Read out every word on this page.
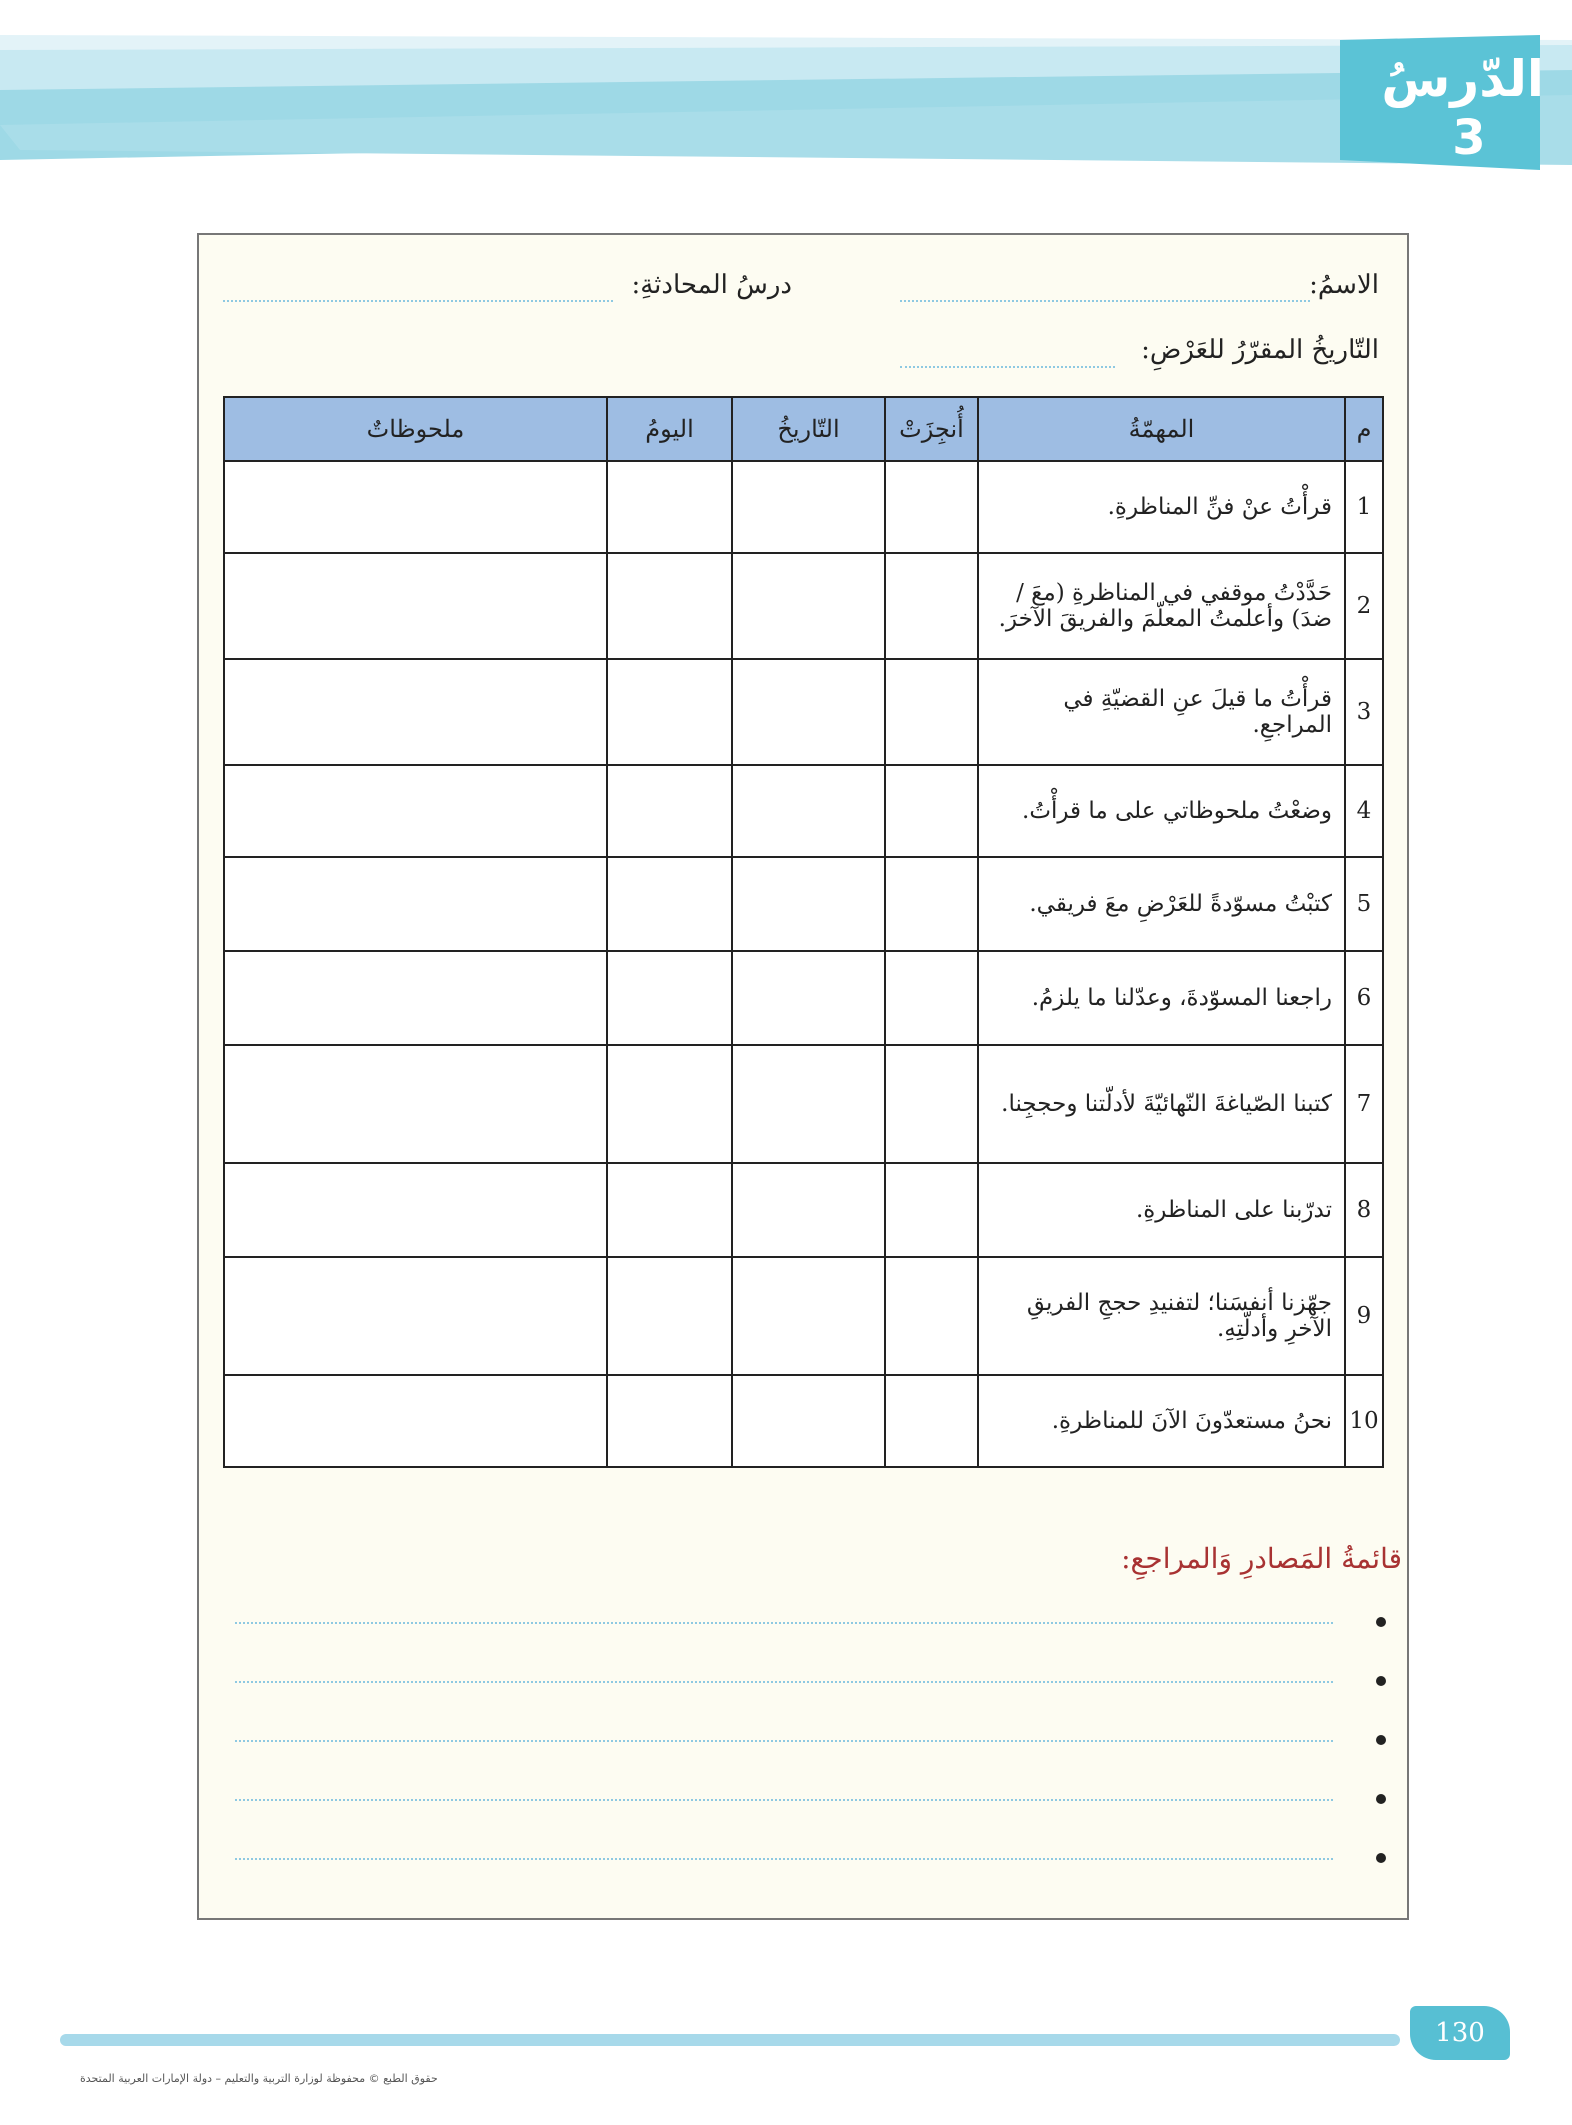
الدّرسُ
3
الاسمُ:
درسُ المحادثةِ:
التّاريخُ المقرّرُ للعَرْضِ:
م	المهمّةُ	أُنجِزَتْ	التّاريخُ	اليومُ	ملحوظاتٌ
1	قرأْتُ عنْ فنِّ المناظرةِ.				
2	حَدَّدْتُ موقفي في المناظرةِ (معَ / ضدَ) وأعلمتُ المعلّمَ والفريقَ الآخرَ.				
3	قرأْتُ ما قيلَ عنِ القضيّةِ في المراجعِ.				
4	وضعْتُ ملحوظاتي على ما قرأْتُ.				
5	كتبْتُ مسوّدةً للعَرْضِ معَ فريقي.				
6	راجعنا المسوّدةَ، وعدّلنا ما يلزمُ.				
7	كتبنا الصّياغةَ النّهائيّةَ لأدلّتنا وحججِنا.				
8	تدرّبنا على المناظرةِ.				
9	جهّزنا أنفسَنا؛ لتفنيدِ حججِ الفريقِ الآخرِ وأدلّتِهِ.				
10	نحنُ مستعدّونَ الآنَ للمناظرةِ.				
قائمةُ المَصادرِ وَالمراجعِ:
130
حقوق الطبع © محفوظة لوزارة التربية والتعليم – دولة الإمارات العربية المتحدة
